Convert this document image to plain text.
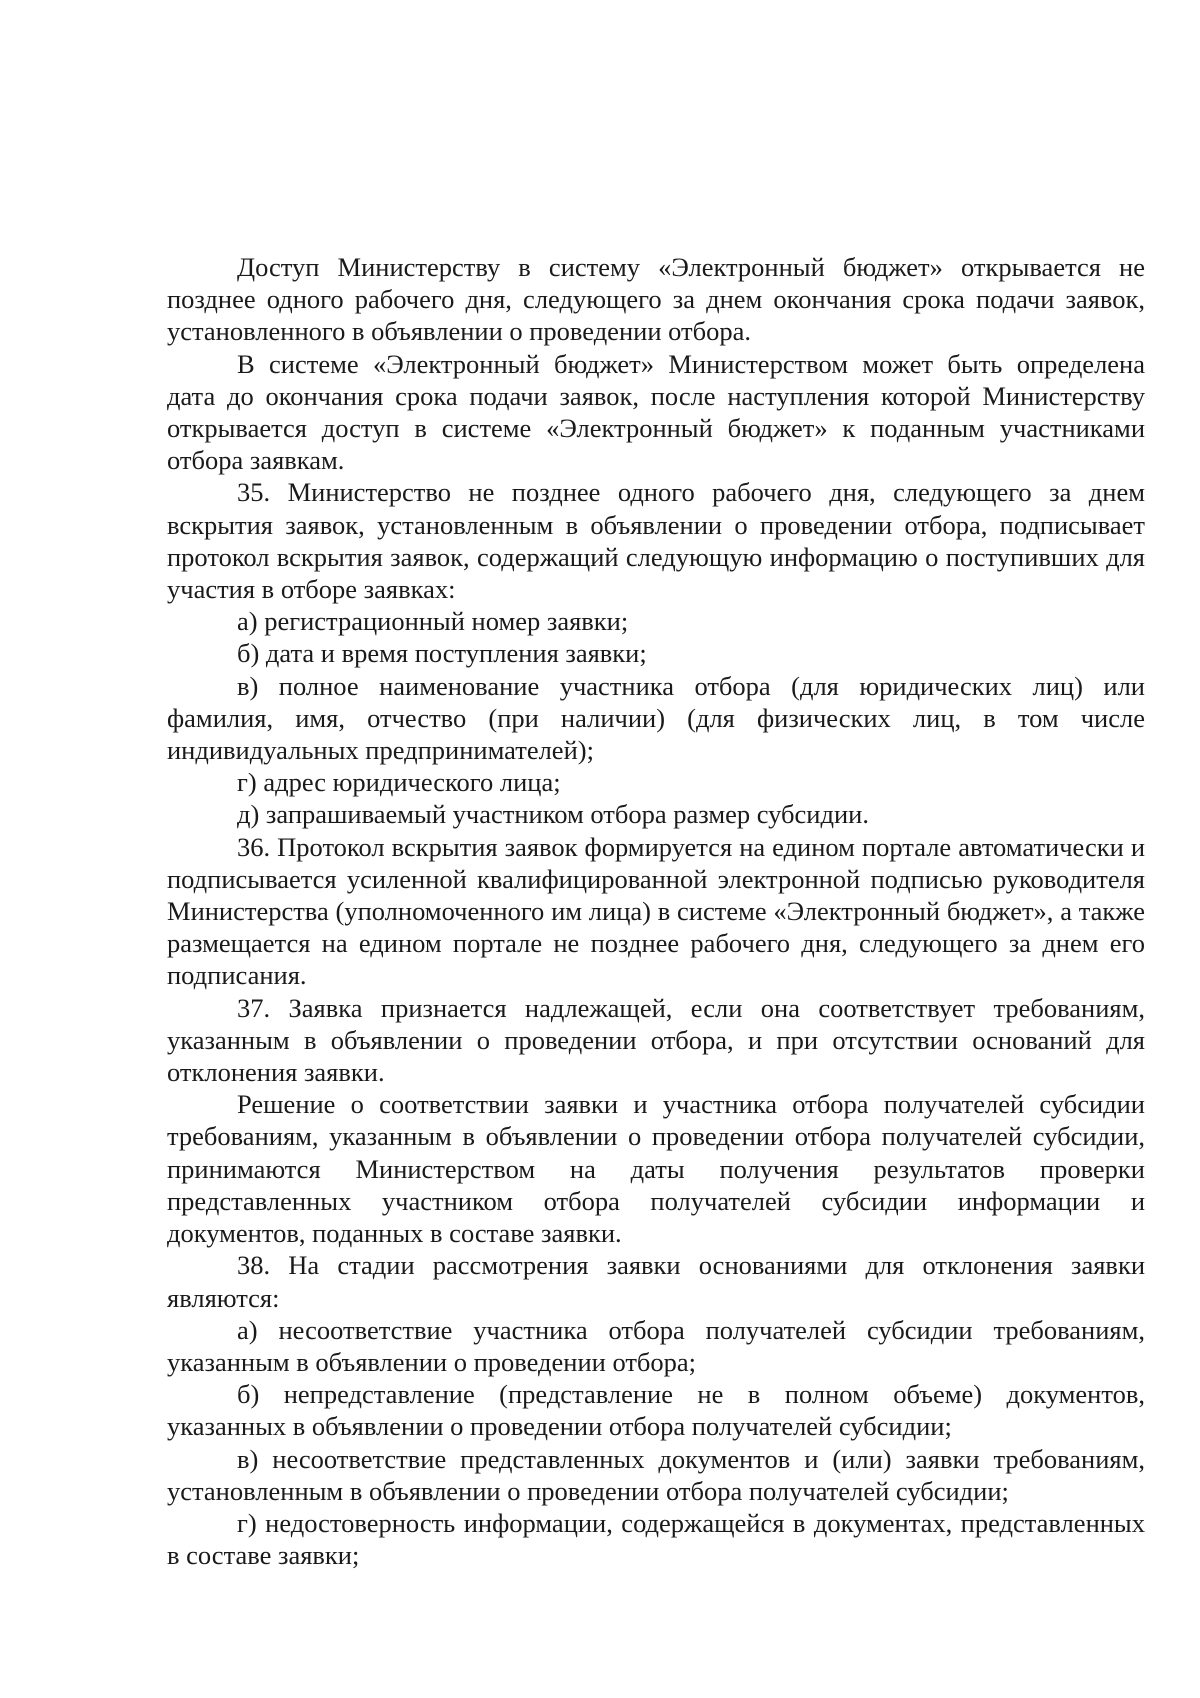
Доступ Министерству в систему «Электронный бюджет» открывается не позднее одного рабочего дня, следующего за днем окончания срока подачи заявок, установленного в объявлении о проведении отбора.

В системе «Электронный бюджет» Министерством может быть определена дата до окончания срока подачи заявок, после наступления которой Министерству открывается доступ в системе «Электронный бюджет» к поданным участниками отбора заявкам.

35. Министерство не позднее одного рабочего дня, следующего за днем вскрытия заявок, установленным в объявлении о проведении отбора, подписывает протокол вскрытия заявок, содержащий следующую информацию о поступивших для участия в отборе заявках:

а) регистрационный номер заявки;

б) дата и время поступления заявки;

в) полное наименование участника отбора (для юридических лиц) или фамилия, имя, отчество (при наличии) (для физических лиц, в том числе индивидуальных предпринимателей);

г) адрес юридического лица;

д) запрашиваемый участником отбора размер субсидии.

36. Протокол вскрытия заявок формируется на едином портале автоматически и подписывается усиленной квалифицированной электронной подписью руководителя Министерства (уполномоченного им лица) в системе «Электронный бюджет», а также размещается на едином портале не позднее рабочего дня, следующего за днем его подписания.

37. Заявка признается надлежащей, если она соответствует требованиям, указанным в объявлении о проведении отбора, и при отсутствии оснований для отклонения заявки.

Решение о соответствии заявки и участника отбора получателей субсидии требованиям, указанным в объявлении о проведении отбора получателей субсидии, принимаются Министерством на даты получения результатов проверки представленных участником отбора получателей субсидии информации и документов, поданных в составе заявки.

38. На стадии рассмотрения заявки основаниями для отклонения заявки являются:

а) несоответствие участника отбора получателей субсидии требованиям, указанным в объявлении о проведении отбора;

б) непредставление (представление не в полном объеме) документов, указанных в объявлении о проведении отбора получателей субсидии;

в) несоответствие представленных документов и (или) заявки требованиям, установленным в объявлении о проведении отбора получателей субсидии;

г) недостоверность информации, содержащейся в документах, представленных в составе заявки;
